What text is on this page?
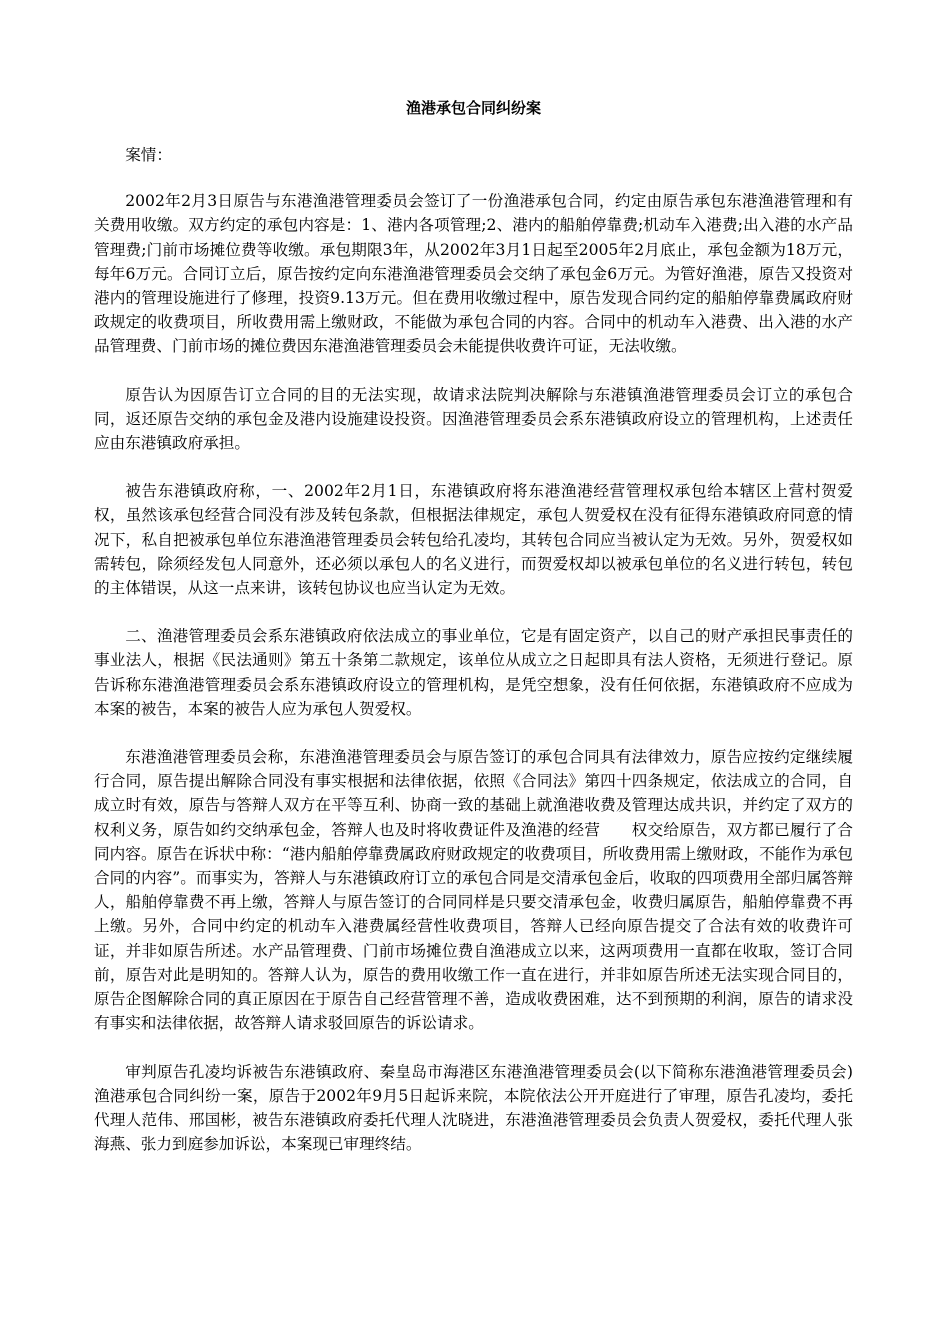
渔港承包合同纠纷案
案情：

2002年2月3日原告与东港渔港管理委员会签订了一份渔港承包合同，约定由原告承包东港渔港管理和有关费用收缴。双方约定的承包内容是：1、港内各项管理;2、港内的船舶停靠费;机动车入港费;出入港的水产品管理费;门前市场摊位费等收缴。承包期限3年，从2002年3月1日起至2005年2月底止，承包金额为18万元，每年6万元。合同订立后，原告按约定向东港渔港管理委员会交纳了承包金6万元。为管好渔港，原告又投资对港内的管理设施进行了修理，投资9.13万元。但在费用收缴过程中，原告发现合同约定的船舶停靠费属政府财政规定的收费项目，所收费用需上缴财政，不能做为承包合同的内容。合同中的机动车入港费、出入港的水产品管理费、门前市场的摊位费因东港渔港管理委员会未能提供收费许可证，无法收缴。

原告认为因原告订立合同的目的无法实现，故请求法院判决解除与东港镇渔港管理委员会订立的承包合同，返还原告交纳的承包金及港内设施建设投资。因渔港管理委员会系东港镇政府设立的管理机构，上述责任应由东港镇政府承担。

被告东港镇政府称，一、2002年2月1日，东港镇政府将东港渔港经营管理权承包给本辖区上营村贺爱权，虽然该承包经营合同没有涉及转包条款，但根据法律规定，承包人贺爱权在没有征得东港镇政府同意的情况下，私自把被承包单位东港渔港管理委员会转包给孔凌均，其转包合同应当被认定为无效。另外，贺爱权如需转包，除须经发包人同意外，还必须以承包人的名义进行，而贺爱权却以被承包单位的名义进行转包，转包的主体错误，从这一点来讲，该转包协议也应当认定为无效。

二、渔港管理委员会系东港镇政府依法成立的事业单位，它是有固定资产，以自己的财产承担民事责任的事业法人，根据《民法通则》第五十条第二款规定，该单位从成立之日起即具有法人资格，无须进行登记。原告诉称东港渔港管理委员会系东港镇政府设立的管理机构，是凭空想象，没有任何依据，东港镇政府不应成为本案的被告，本案的被告人应为承包人贺爱权。

东港渔港管理委员会称，东港渔港管理委员会与原告签订的承包合同具有法律效力，原告应按约定继续履行合同，原告提出解除合同没有事实根据和法律依据，依照《合同法》第四十四条规定，依法成立的合同，自成立时有效，原告与答辩人双方在平等互利、协商一致的基础上就渔港收费及管理达成共识，并约定了双方的权利义务，原告如约交纳承包金，答辩人也及时将收费证件及渔港的经营　　权交给原告，双方都已履行了合同内容。原告在诉状中称：“港内船舶停靠费属政府财政规定的收费项目，所收费用需上缴财政，不能作为承包合同的内容”。而事实为，答辩人与东港镇政府订立的承包合同是交清承包金后，收取的四项费用全部归属答辩人，船舶停靠费不再上缴，答辩人与原告签订的合同同样是只要交清承包金，收费归属原告，船舶停靠费不再上缴。另外，合同中约定的机动车入港费属经营性收费项目，答辩人已经向原告提交了合法有效的收费许可证，并非如原告所述。水产品管理费、门前市场摊位费自渔港成立以来，这两项费用一直都在收取，签订合同前，原告对此是明知的。答辩人认为，原告的费用收缴工作一直在进行，并非如原告所述无法实现合同目的，原告企图解除合同的真正原因在于原告自己经营管理不善，造成收费困难，达不到预期的利润，原告的请求没有事实和法律依据，故答辩人请求驳回原告的诉讼请求。

审判原告孔凌均诉被告东港镇政府、秦皇岛市海港区东港渔港管理委员会(以下简称东港渔港管理委员会)渔港承包合同纠纷一案，原告于2002年9月5日起诉来院，本院依法公开开庭进行了审理，原告孔凌均，委托代理人范伟、邢国彬，被告东港镇政府委托代理人沈晓进，东港渔港管理委员会负责人贺爱权，委托代理人张海燕、张力到庭参加诉讼，本案现已审理终结。
